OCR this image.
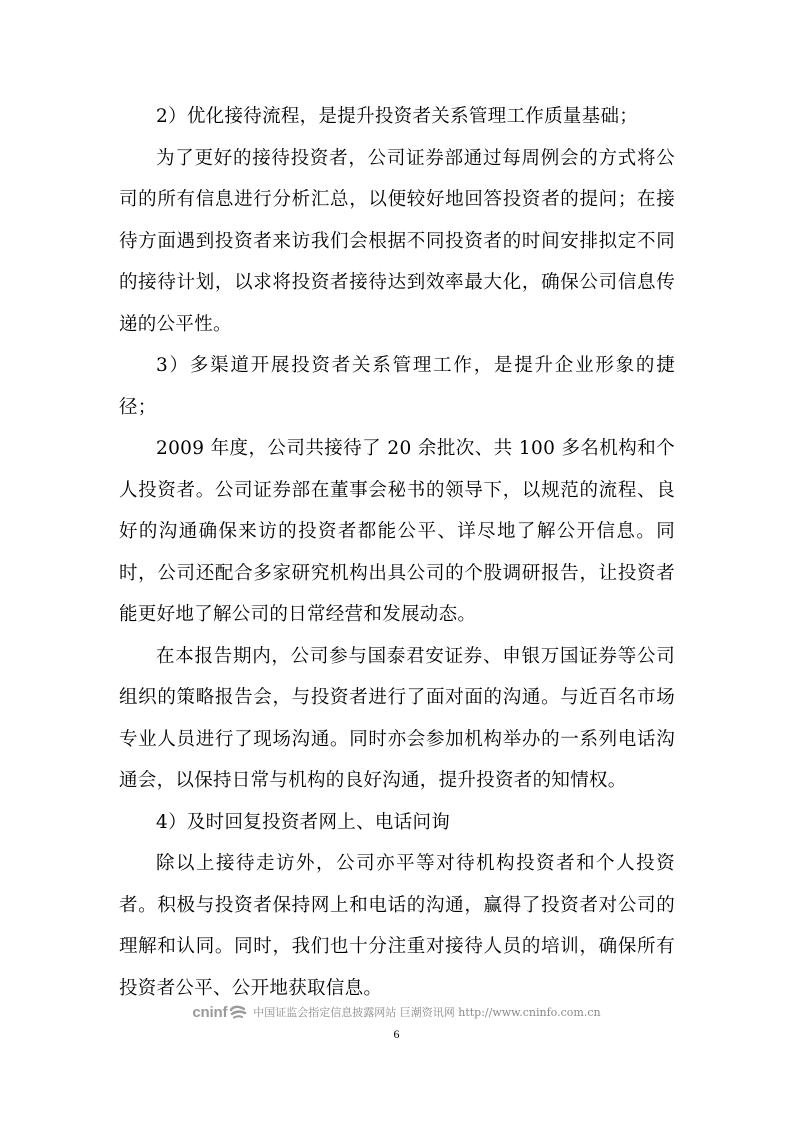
2）优化接待流程，是提升投资者关系管理工作质量基础；

为了更好的接待投资者，公司证券部通过每周例会的方式将公司的所有信息进行分析汇总，以便较好地回答投资者的提问；在接待方面遇到投资者来访我们会根据不同投资者的时间安排拟定不同的接待计划，以求将投资者接待达到效率最大化，确保公司信息传递的公平性。

3）多渠道开展投资者关系管理工作，是提升企业形象的捷径；

2009 年度，公司共接待了 20 余批次、共 100 多名机构和个人投资者。公司证券部在董事会秘书的领导下，以规范的流程、良好的沟通确保来访的投资者都能公平、详尽地了解公开信息。同时，公司还配合多家研究机构出具公司的个股调研报告，让投资者能更好地了解公司的日常经营和发展动态。

在本报告期内，公司参与国泰君安证券、申银万国证券等公司组织的策略报告会，与投资者进行了面对面的沟通。与近百名市场专业人员进行了现场沟通。同时亦会参加机构举办的一系列电话沟通会，以保持日常与机构的良好沟通，提升投资者的知情权。

4）及时回复投资者网上、电话问询

除以上接待走访外，公司亦平等对待机构投资者和个人投资者。积极与投资者保持网上和电话的沟通，赢得了投资者对公司的理解和认同。同时，我们也十分注重对接待人员的培训，确保所有投资者公平、公开地获取信息。

cninf 中国证监会指定信息披露网站 巨潮资讯网 http://www.cninfo.com.cn
6
